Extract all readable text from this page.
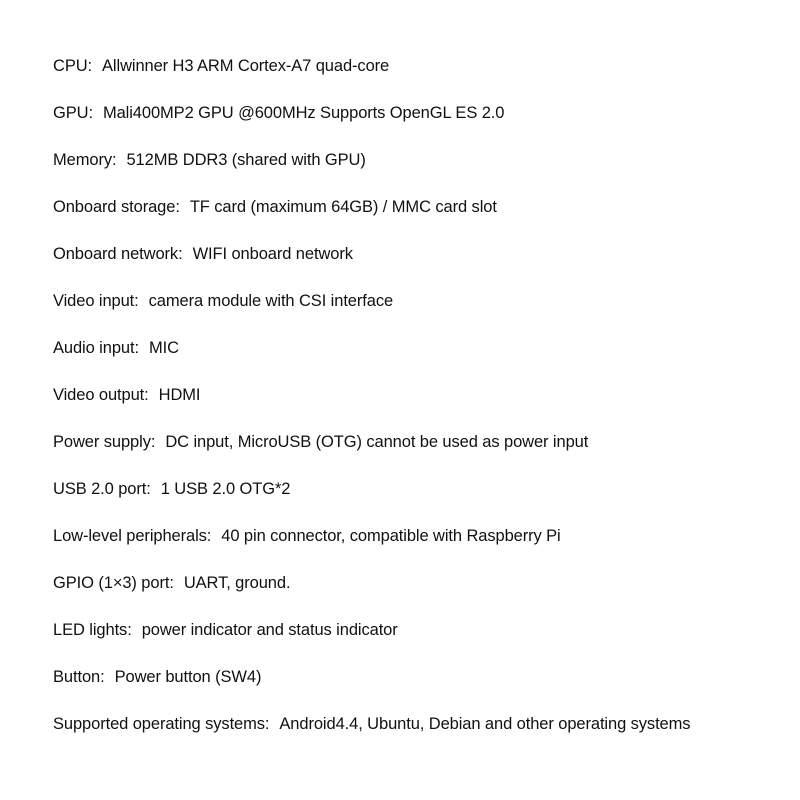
CPU: Allwinner H3 ARM Cortex-A7 quad-core
GPU: Mali400MP2 GPU @600MHz Supports OpenGL ES 2.0
Memory: 512MB DDR3 (shared with GPU)
Onboard storage: TF card (maximum 64GB) / MMC card slot
Onboard network: WIFI onboard network
Video input: camera module with CSI interface
Audio input: MIC
Video output: HDMI
Power supply: DC input, MicroUSB (OTG) cannot be used as power input
USB 2.0 port: 1 USB 2.0 OTG*2
Low-level peripherals: 40 pin connector, compatible with Raspberry Pi
GPIO (1×3) port: UART, ground.
LED lights: power indicator and status indicator
Button: Power button (SW4)
Supported operating systems: Android4.4, Ubuntu, Debian and other operating systems
